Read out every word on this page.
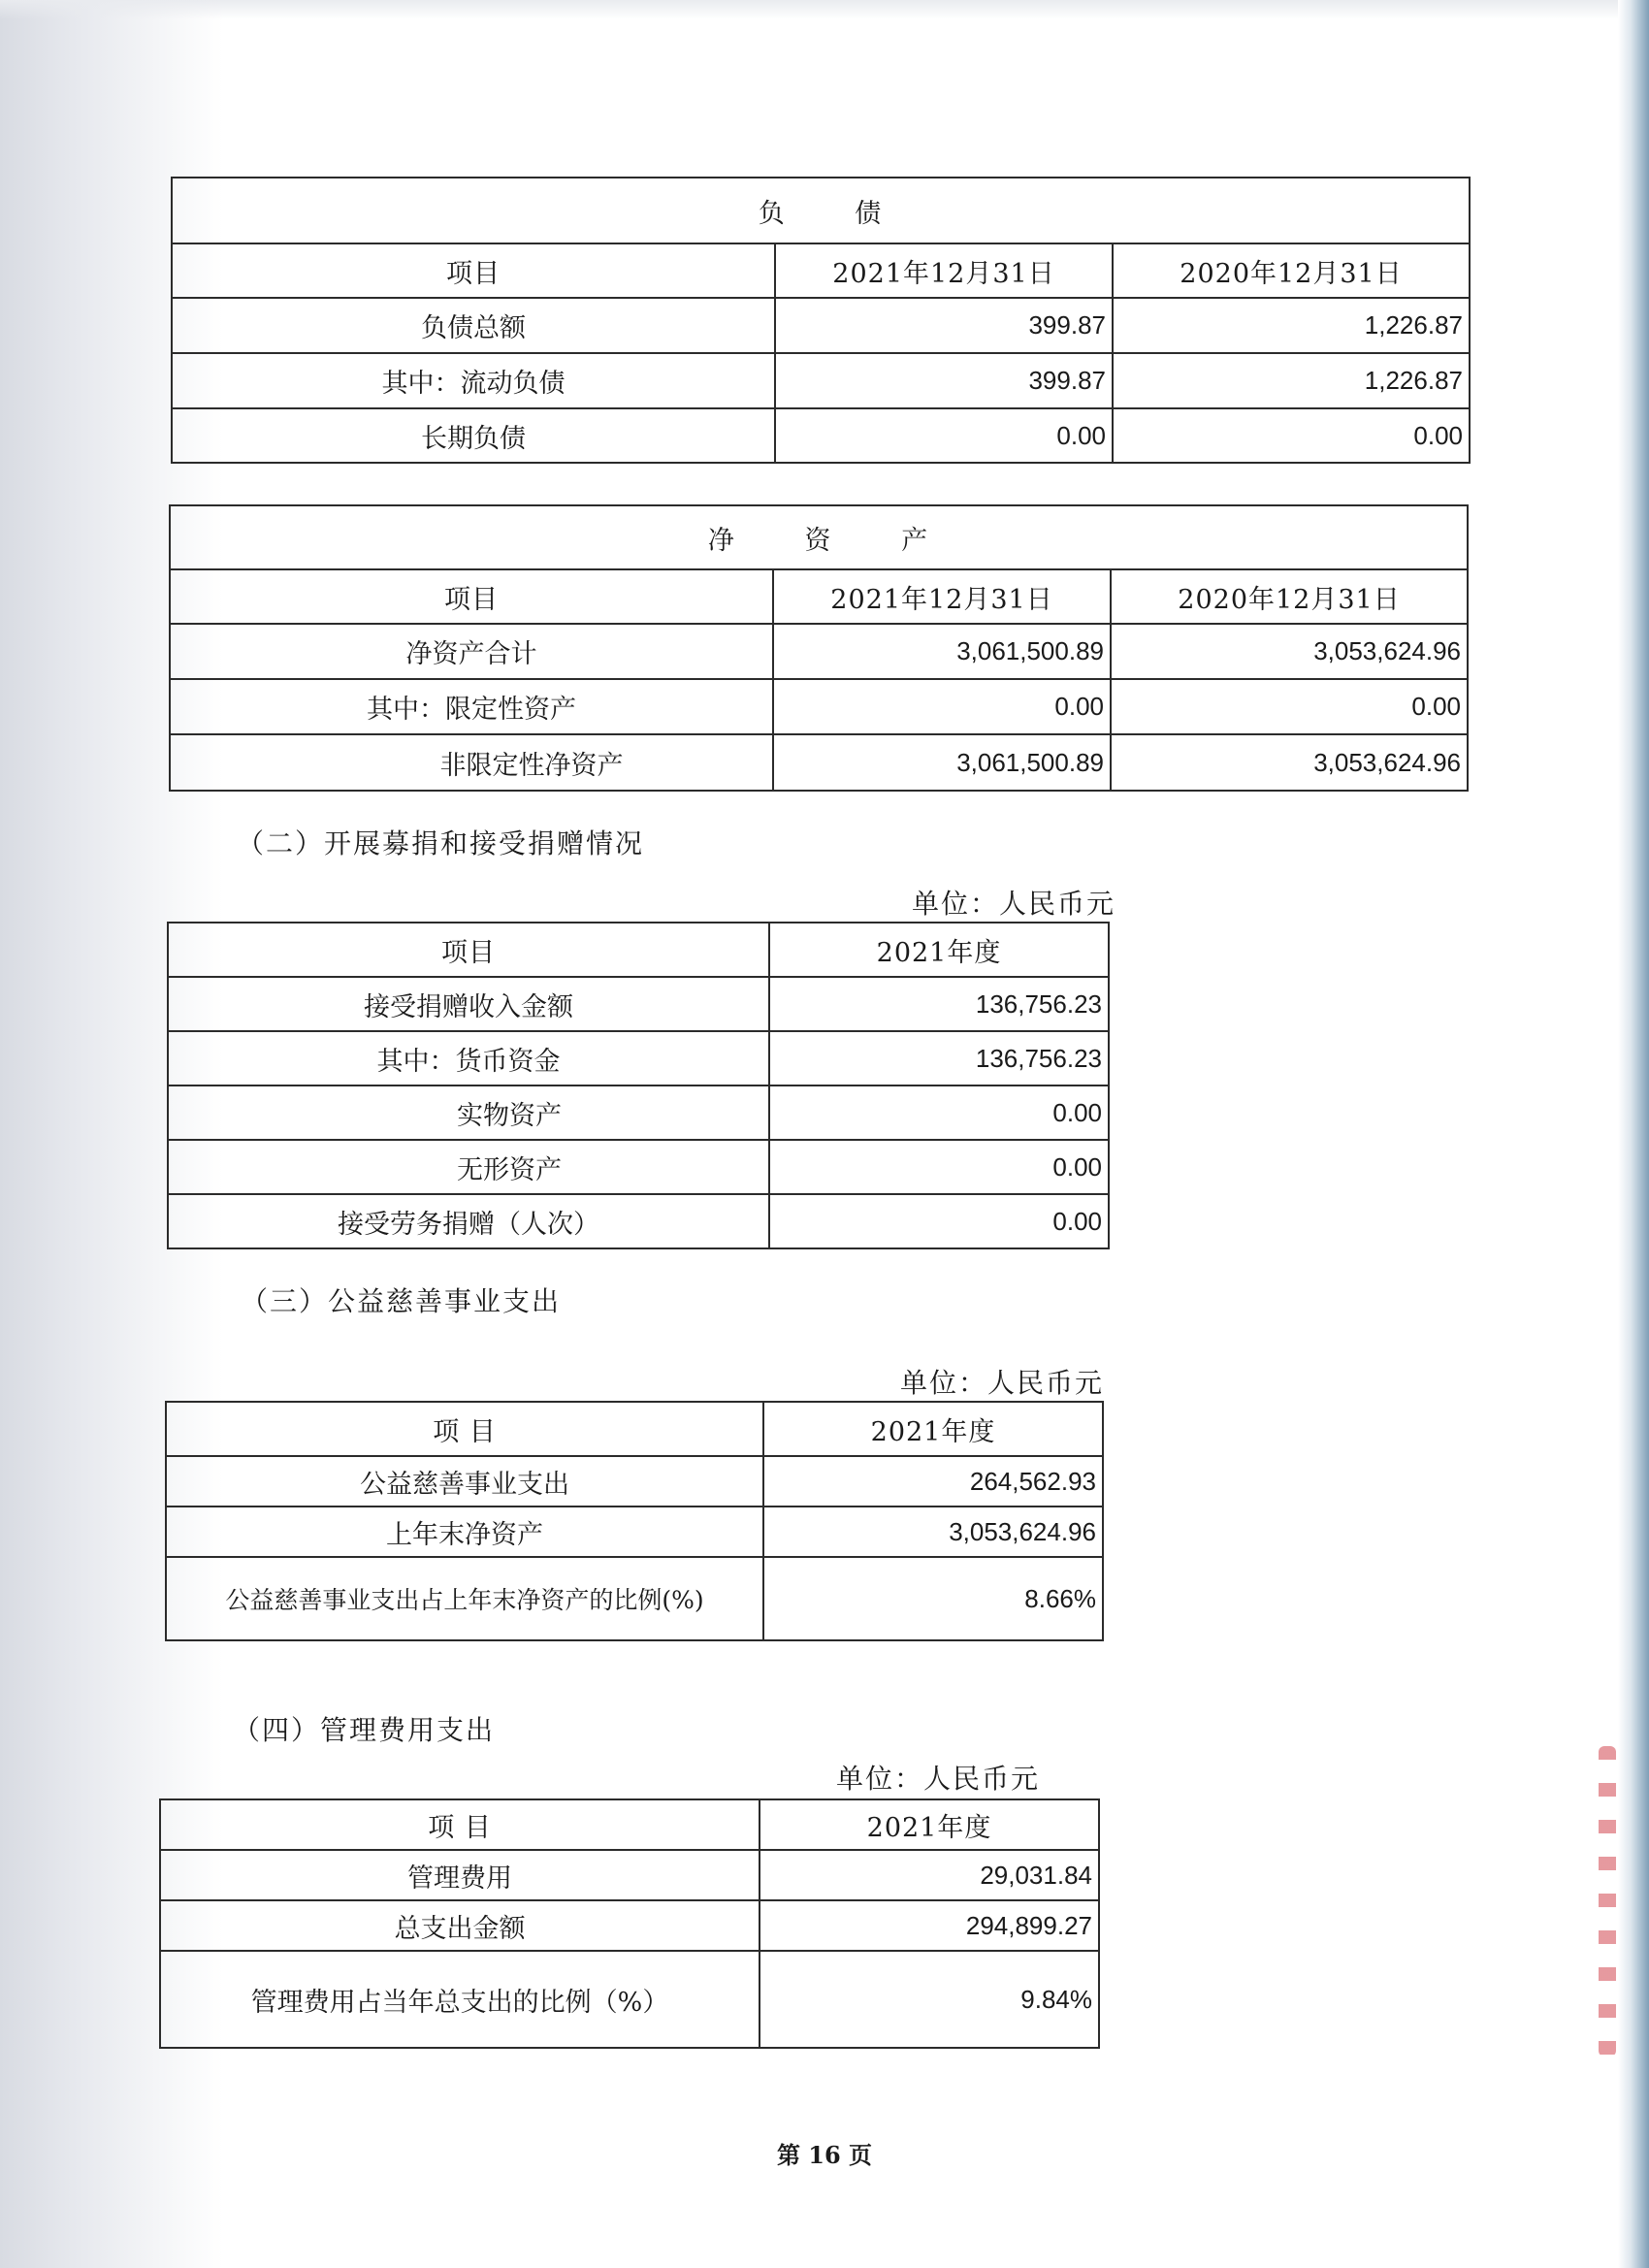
负 债		
项目	2021年12月31日	2020年12月31日
负债总额	399.87	1,226.87
其中：流动负债	399.87	1,226.87
长期负债	0.00	0.00
净 资 产		
项目	2021年12月31日	2020年12月31日
净资产合计	3,061,500.89	3,053,624.96
其中：限定性资产	0.00	0.00
非限定性净资产	3,061,500.89	3,053,624.96
（二）开展募捐和接受捐赠情况
单位：人民币元
项目	2021年度
接受捐赠收入金额	136,756.23
其中：货币资金	136,756.23
实物资产	0.00
无形资产	0.00
接受劳务捐赠（人次）	0.00
（三）公益慈善事业支出
单位：人民币元
项 目	2021年度
公益慈善事业支出	264,562.93
上年末净资产	3,053,624.96
公益慈善事业支出占上年末净资产的比例(%)	8.66%
（四）管理费用支出
单位：人民币元
项 目	2021年度
管理费用	29,031.84
总支出金额	294,899.27
管理费用占当年总支出的比例（%）	9.84%
第 16 页
